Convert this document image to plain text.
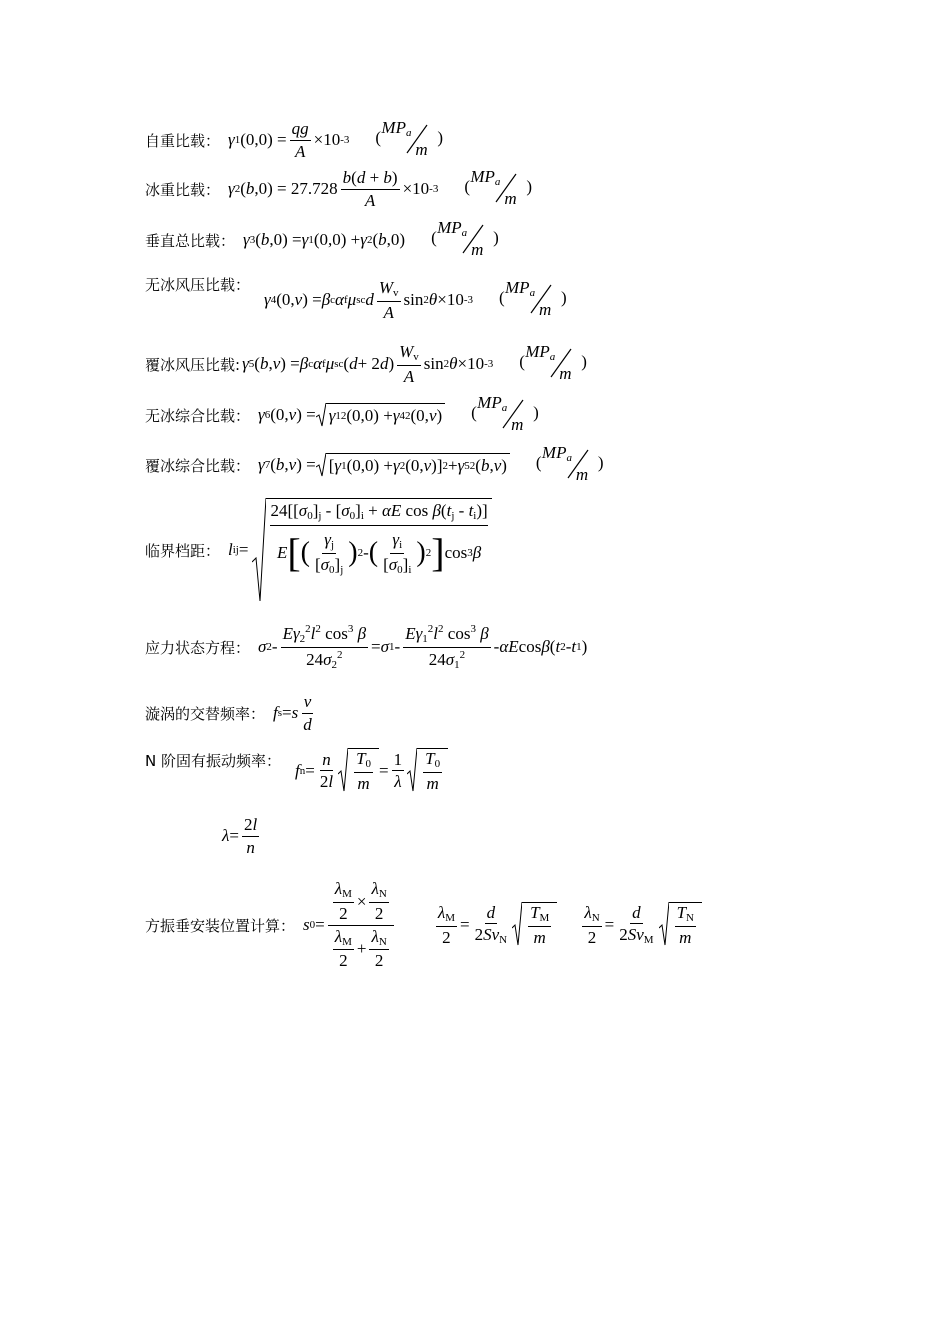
自重比载： γ 1 $(0,0) = \frac{qg}{A} \times 10$ -3 (
$MP_a$
m
)
冰重比载： γ 2 ( b $,0) = 27.728 \frac{b(d + b)}{A} \times 10$ -3 (
$MP_a$
m
)
垂直总比载： γ 3 ( b ,0) = γ 1 (0,0) + γ 2 ( b ,0) (
$MP_a$
m
)
无冰风压比载：
γ 4 (0, v ) = β c α f μ sc d $\frac{W_v}{A}$ sin 2 θ ×10 -3 (
$MP_a$
m
)
覆冰风压比载: γ 5 ( b , v ) = β c α f μ sc ( d + 2 d ) $\frac{W_v}{A}$ sin 2 θ ×10 -3 (
$MP_a$
m
)
无冰综合比载： γ 6 (0, v ) = γ 1 2 (0,0) + γ 4 2 (0, v ) (
$MP_a$
m
)
覆冰综合比载： γ 7 ( b , v ) = [ γ 1 (0,0) + γ 2 (0, v )] 2 + γ 5 2 ( b , v ) (
$MP_a$
m
)
临界档距： l ij =
$24[[\sigma_0]_j - [\sigma_0]_i + \alpha E$ $\cos \beta(t_j - t_i)$]
E [ ( $\frac{\gamma_j}{[\sigma_0]_j}$ ) 2 - ( $\frac{\gamma_i}{[\sigma_0]_i}$ ) 2 ] cos 3 β
应力状态方程： σ $2 - \frac{E\gamma_2^2l^2 \cos^3 \beta}{24\sigma_2^2} = \sigma$ $1 - \frac{E\gamma_1^2l^2 \cos^3 \beta}{24\sigma_1^2}$ - αE cos β ( t 2 - t 1 )
漩涡的交替频率： f s = s $\frac{v}{d}$
N 阶固有振动频率： f $n = \frac{n}{2l} \frac{T_0}{m} = \frac{1}{\lambda} \frac{T_0}{m}$
$\lambda = \frac{2l}{n}$
方振垂安装位置计算： s $0 = \frac{\frac{\lambda_M}{2} \times \frac{\lambda_N}{2}}{\frac{\lambda_M}{2} + \frac{\lambda_N}{2}} \frac{\lambda_M}{2} = \frac{d}{2Sv_N} \frac{T_M}{m} \frac{\lambda_N}{2} = \frac{d}{2Sv_M} \frac{T_N}{m}$
